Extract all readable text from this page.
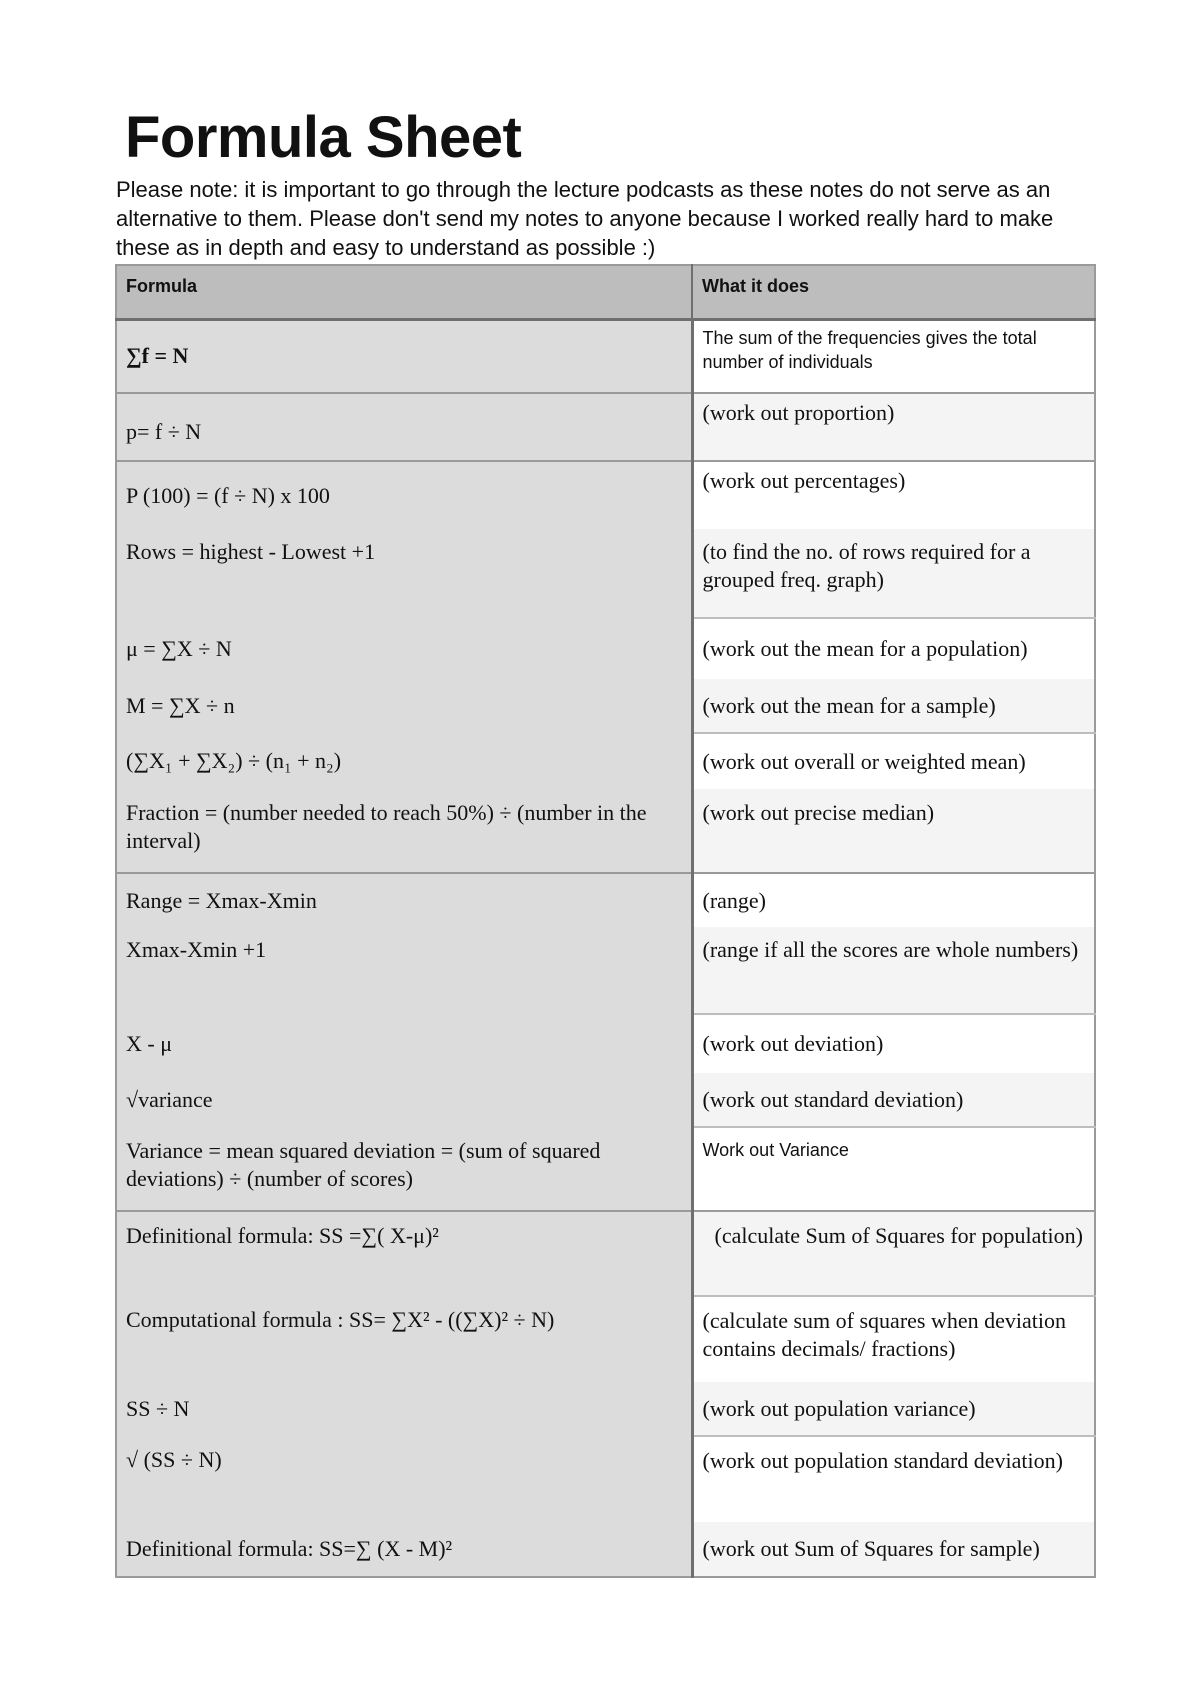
Formula Sheet

Please note: it is important to go through the lecture podcasts as these notes do not serve as an alternative to them. Please don't send my notes to anyone because I worked really hard to make these as in depth and easy to understand as possible :)

Formula	What it does
∑f = N	The sum of the frequencies gives the total number of individuals
p= f ÷ N	(work out proportion)
P (100) = (f ÷ N) x 100	(work out percentages)
Rows = highest - Lowest +1	(to find the no. of rows required for a grouped freq. graph)
μ = ∑X ÷ N	(work out the mean for a population)
M = ∑X ÷ n	(work out the mean for a sample)
(∑X₁ + ∑X₂) ÷ (n₁ + n₂)	(work out overall or weighted mean)
Fraction = (number needed to reach 50%) ÷ (number in the interval)	(work out precise median)
Range = Xmax-Xmin	(range)
Xmax-Xmin +1	(range if all the scores are whole numbers)
X - μ	(work out deviation)
√variance	(work out standard deviation)
Variance = mean squared deviation = (sum of squared deviations) ÷ (number of scores)	Work out Variance
Definitional formula: SS =∑( X-μ)²	(calculate Sum of Squares for population)
Computational formula : SS= ∑X² - ((∑X)² ÷ N)	(calculate sum of squares when deviation contains decimals/ fractions)
SS ÷ N	(work out population variance)
√ (SS ÷ N)	(work out population standard deviation)
Definitional formula: SS=∑ (X - M)²	(work out Sum of Squares for sample)
